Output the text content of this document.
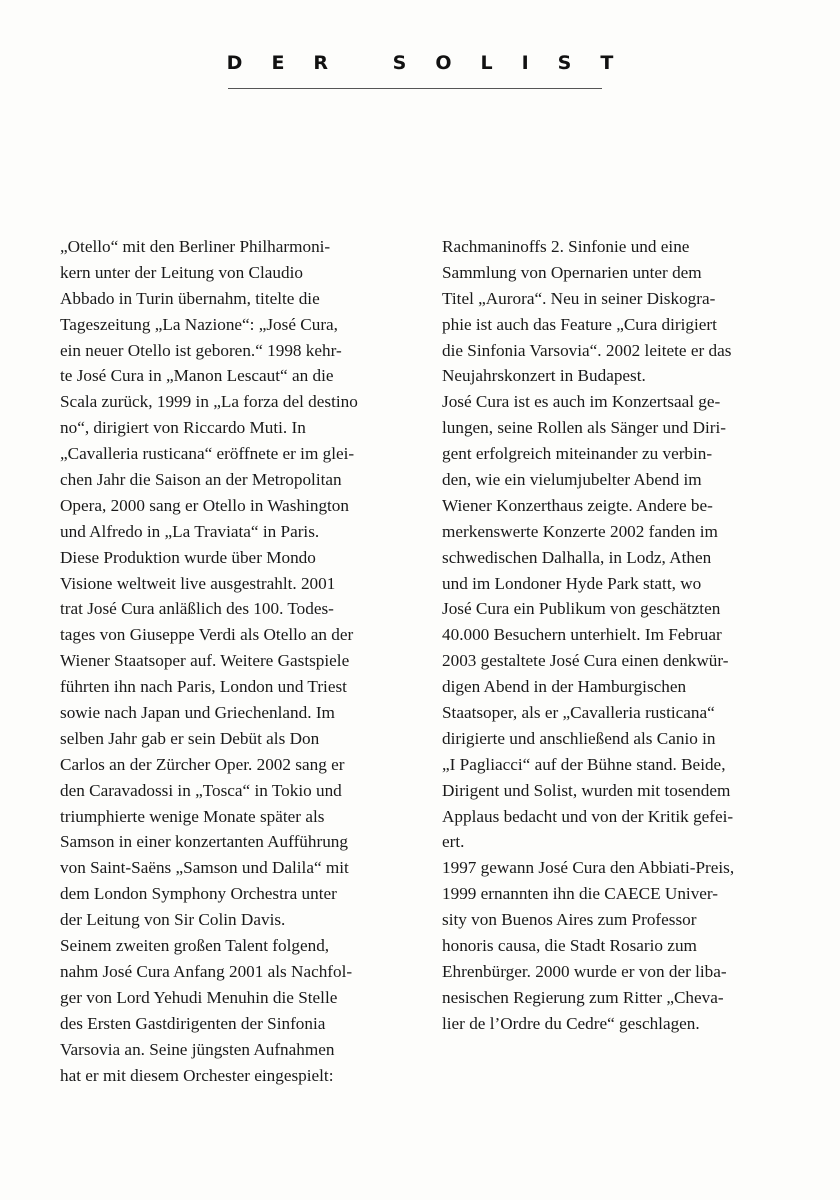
DER SOLIST
„Otello“ mit den Berliner Philharmoni-
kern unter der Leitung von Claudio
Abbado in Turin übernahm, titelte die
Tageszeitung „La Nazione“: „José Cura,
ein neuer Otello ist geboren.“ 1998 kehr-
te José Cura in „Manon Lescaut“ an die
Scala zurück, 1999 in „La forza del destino
no“, dirigiert von Riccardo Muti. In
„Cavalleria rusticana“ eröffnete er im glei-
chen Jahr die Saison an der Metropolitan
Opera, 2000 sang er Otello in Washington
und Alfredo in „La Traviata“ in Paris.
Diese Produktion wurde über Mondo
Visione weltweit live ausgestrahlt. 2001
trat José Cura anläßlich des 100. Todes-
tages von Giuseppe Verdi als Otello an der
Wiener Staatsoper auf. Weitere Gastspiele
führten ihn nach Paris, London und Triest
sowie nach Japan und Griechenland. Im
selben Jahr gab er sein Debüt als Don
Carlos an der Zürcher Oper. 2002 sang er
den Caravadossi in „Tosca“ in Tokio und
triumphierte wenige Monate später als
Samson in einer konzertanten Aufführung
von Saint-Saëns „Samson und Dalila“ mit
dem London Symphony Orchestra unter
der Leitung von Sir Colin Davis.
Seinem zweiten großen Talent folgend,
nahm José Cura Anfang 2001 als Nachfol-
ger von Lord Yehudi Menuhin die Stelle
des Ersten Gastdirigenten der Sinfonia
Varsovia an. Seine jüngsten Aufnahmen
hat er mit diesem Orchester eingespielt:
Rachmaninoffs 2. Sinfonie und eine
Sammlung von Opernarien unter dem
Titel „Aurora“. Neu in seiner Diskogra-
phie ist auch das Feature „Cura dirigiert
die Sinfonia Varsovia“. 2002 leitete er das
Neujahrskonzert in Budapest.
José Cura ist es auch im Konzertsaal ge-
lungen, seine Rollen als Sänger und Diri-
gent erfolgreich miteinander zu verbin-
den, wie ein vielumjubelter Abend im
Wiener Konzerthaus zeigte. Andere be-
merkenswerte Konzerte 2002 fanden im
schwedischen Dalhalla, in Lodz, Athen
und im Londoner Hyde Park statt, wo
José Cura ein Publikum von geschätzten
40.000 Besuchern unterhielt. Im Februar
2003 gestaltete José Cura einen denkwür-
digen Abend in der Hamburgischen
Staatsoper, als er „Cavalleria rusticana“
dirigierte und anschließend als Canio in
„I Pagliacci“ auf der Bühne stand. Beide,
Dirigent und Solist, wurden mit tosendem
Applaus bedacht und von der Kritik gefei-
ert.
1997 gewann José Cura den Abbiati-Preis,
1999 ernannten ihn die CAECE Univer-
sity von Buenos Aires zum Professor
honoris causa, die Stadt Rosario zum
Ehrenbürger. 2000 wurde er von der liba-
nesischen Regierung zum Ritter „Cheva-
lier de l’Ordre du Cedre“ geschlagen.
